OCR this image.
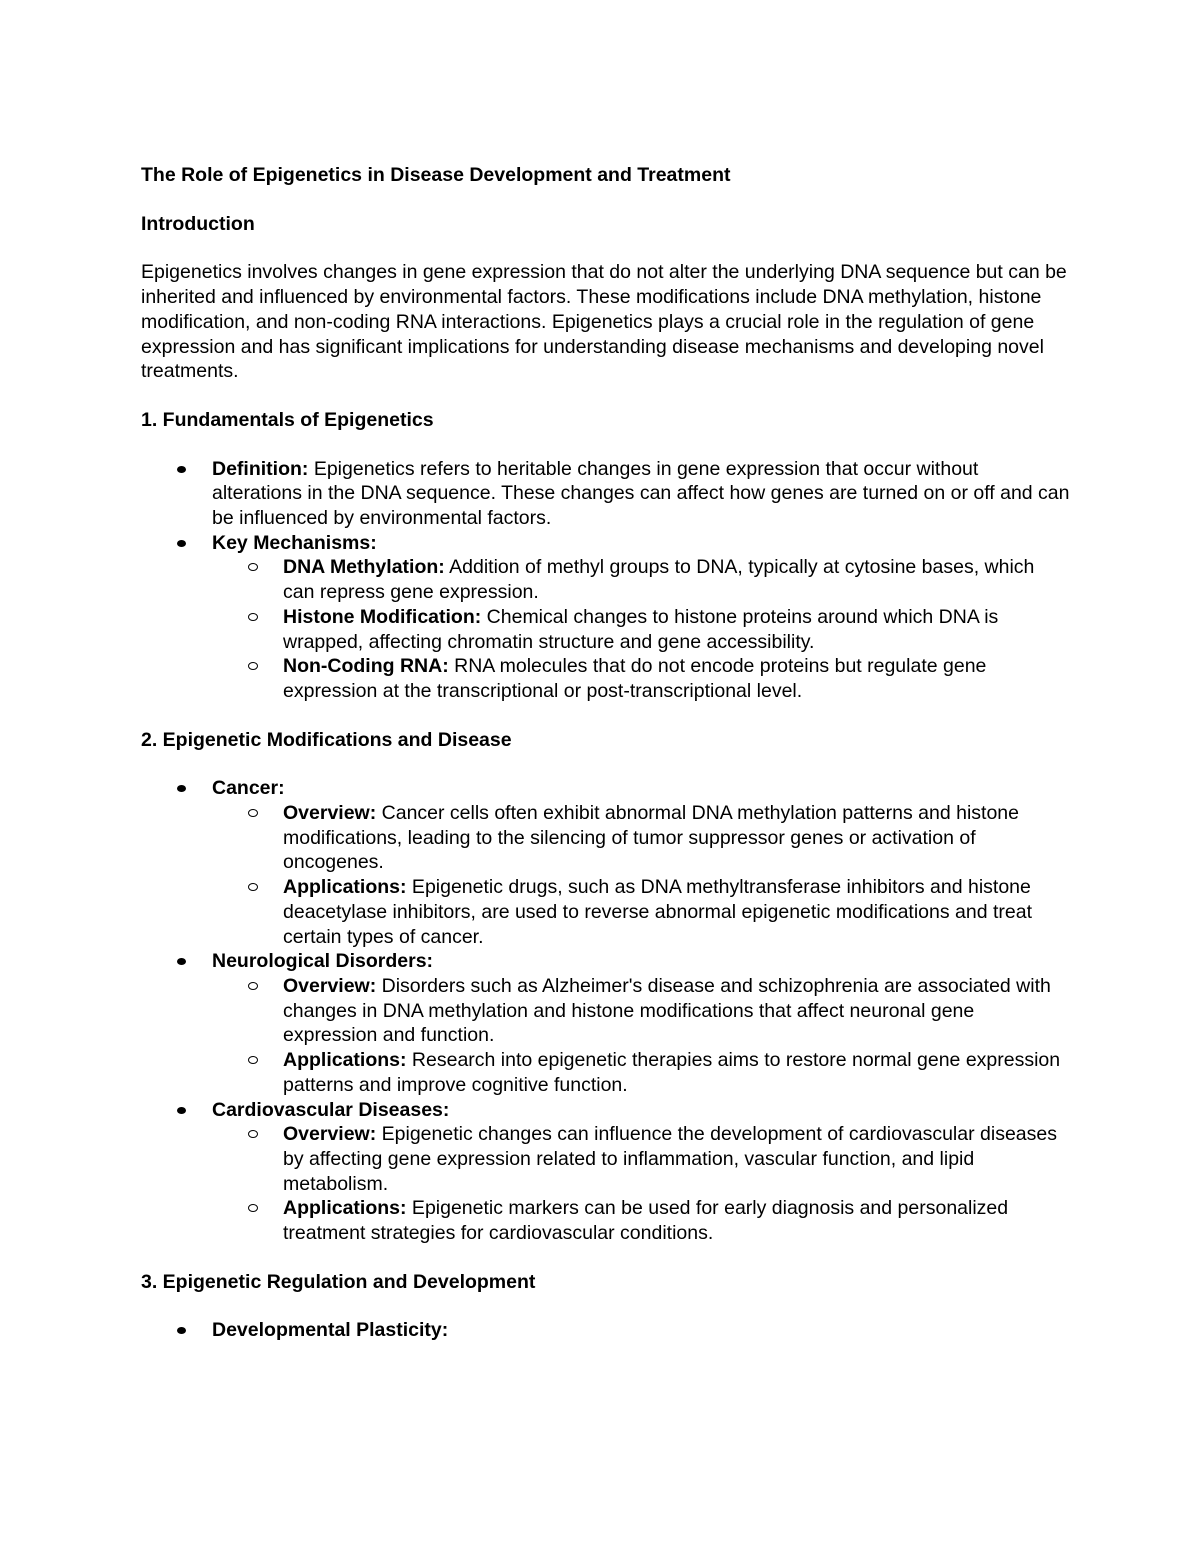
The Role of Epigenetics in Disease Development and Treatment

Introduction

Epigenetics involves changes in gene expression that do not alter the underlying DNA sequence but can be inherited and influenced by environmental factors. These modifications include DNA methylation, histone modification, and non-coding RNA interactions. Epigenetics plays a crucial role in the regulation of gene expression and has significant implications for understanding disease mechanisms and developing novel treatments.

1. Fundamentals of Epigenetics

Definition: Epigenetics refers to heritable changes in gene expression that occur without alterations in the DNA sequence. These changes can affect how genes are turned on or off and can be influenced by environmental factors.
Key Mechanisms:
DNA Methylation: Addition of methyl groups to DNA, typically at cytosine bases, which can repress gene expression.
Histone Modification: Chemical changes to histone proteins around which DNA is wrapped, affecting chromatin structure and gene accessibility.
Non-Coding RNA: RNA molecules that do not encode proteins but regulate gene expression at the transcriptional or post-transcriptional level.

2. Epigenetic Modifications and Disease

Cancer:
Overview: Cancer cells often exhibit abnormal DNA methylation patterns and histone modifications, leading to the silencing of tumor suppressor genes or activation of oncogenes.
Applications: Epigenetic drugs, such as DNA methyltransferase inhibitors and histone deacetylase inhibitors, are used to reverse abnormal epigenetic modifications and treat certain types of cancer.
Neurological Disorders:
Overview: Disorders such as Alzheimer's disease and schizophrenia are associated with changes in DNA methylation and histone modifications that affect neuronal gene expression and function.
Applications: Research into epigenetic therapies aims to restore normal gene expression patterns and improve cognitive function.
Cardiovascular Diseases:
Overview: Epigenetic changes can influence the development of cardiovascular diseases by affecting gene expression related to inflammation, vascular function, and lipid metabolism.
Applications: Epigenetic markers can be used for early diagnosis and personalized treatment strategies for cardiovascular conditions.

3. Epigenetic Regulation and Development

Developmental Plasticity:
